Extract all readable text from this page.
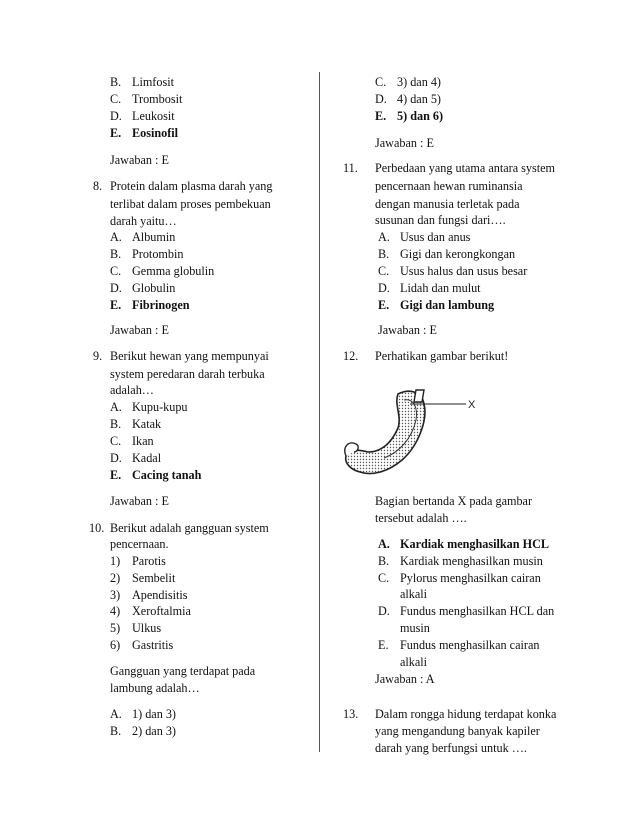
B. Limfosit
C. Trombosit
D. Leukosit
E. Eosinofil
Jawaban : E
8. Protein dalam plasma darah yang
terlibat dalam proses pembekuan
darah yaitu…
A. Albumin
B. Protombin
C. Gemma globulin
D. Globulin
E. Fibrinogen
Jawaban : E
9. Berikut hewan yang mempunyai
system peredaran darah terbuka
adalah…
A. Kupu-kupu
B. Katak
C. Ikan
D. Kadal
E. Cacing tanah
Jawaban : E
10. Berikut adalah gangguan system
pencernaan.
1) Parotis
2) Sembelit
3) Apendisitis
4) Xeroftalmia
5) Ulkus
6) Gastritis
Gangguan yang terdapat pada
lambung adalah…
A. 1) dan 3)
B. 2) dan 3)
C. 3) dan 4)
D. 4) dan 5)
E. 5) dan 6)
Jawaban : E
11. Perbedaan yang utama antara system
pencernaan hewan ruminansia
dengan manusia terletak pada
susunan dan fungsi dari….
A. Usus dan anus
B. Gigi dan kerongkongan
C. Usus halus dan usus besar
D. Lidah dan mulut
E. Gigi dan lambung
Jawaban : E
12. Perhatikan gambar berikut!
Bagian bertanda X pada gambar
tersebut adalah ….
A. Kardiak menghasilkan HCL
B. Kardiak menghasilkan musin
C. Pylorus menghasilkan cairan
alkali
D. Fundus menghasilkan HCL dan
musin
E. Fundus menghasilkan cairan
alkali
Jawaban : A
13. Dalam rongga hidung terdapat konka
yang mengandung banyak kapiler
darah yang berfungsi untuk ….
X
